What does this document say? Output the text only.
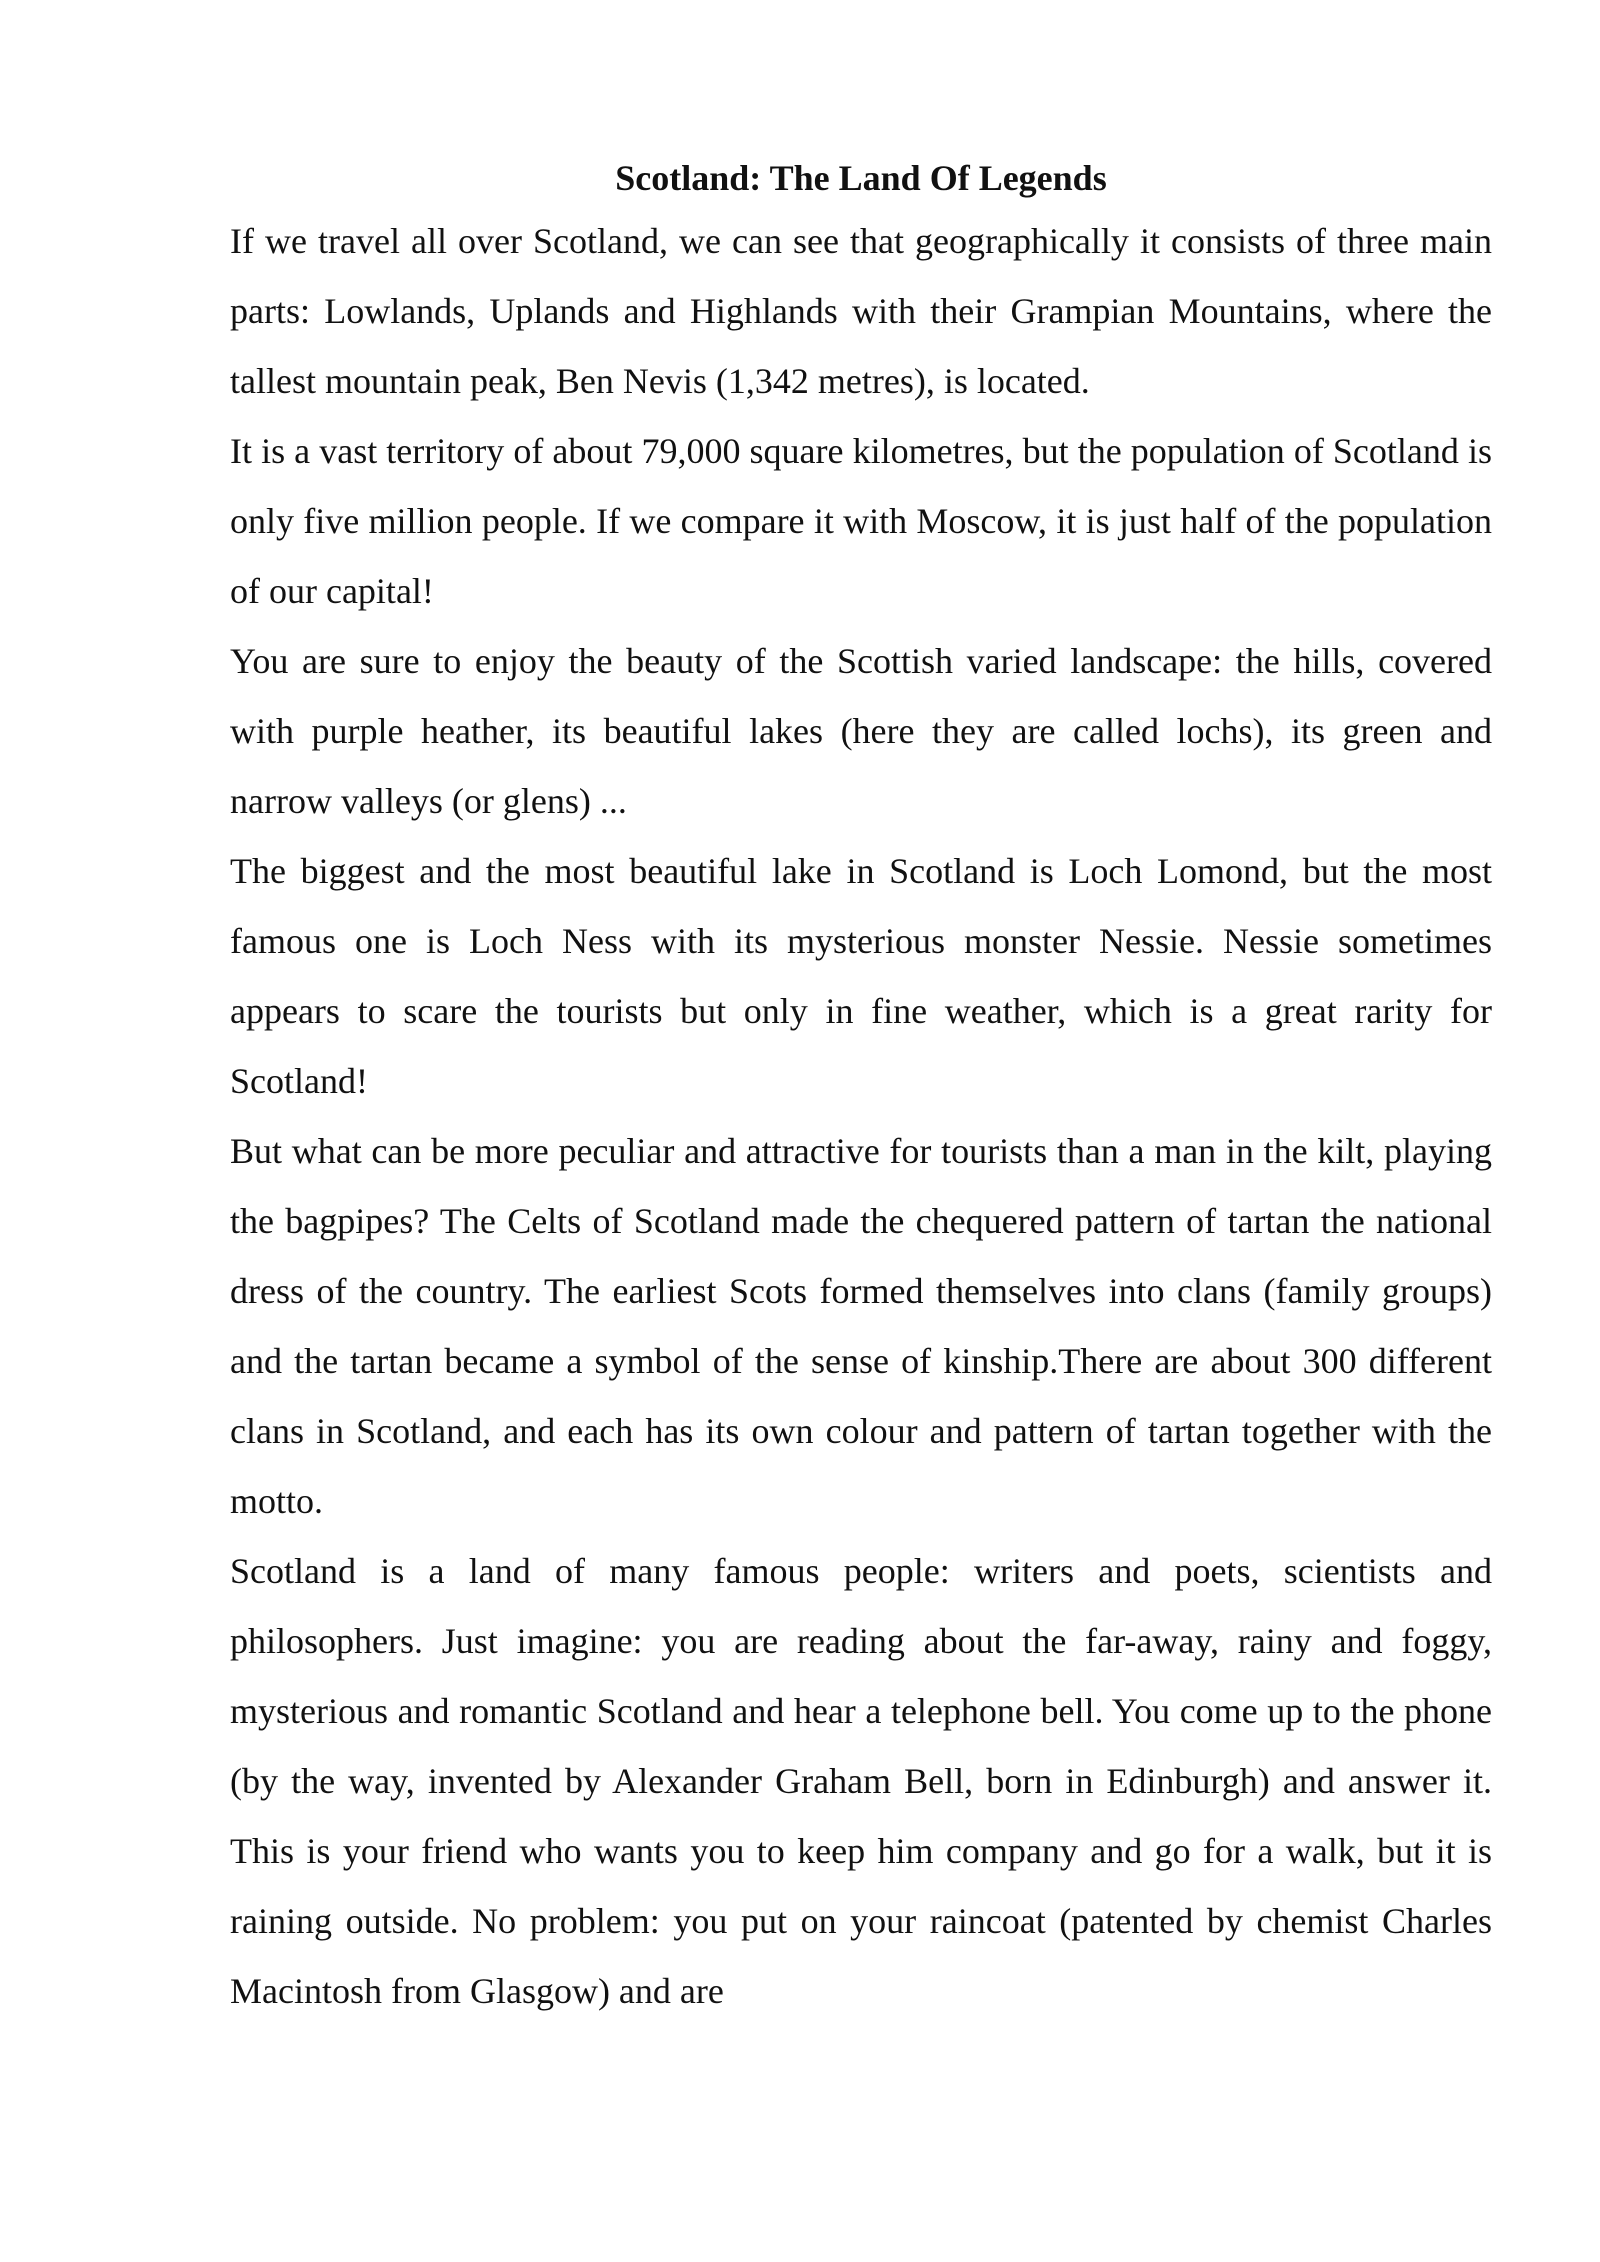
Scotland: The Land Of Legends

If we travel all over Scotland, we can see that geographically it consists of three main parts: Lowlands, Uplands and Highlands with their Grampian Mountains, where the tallest mountain peak, Ben Nevis (1,342 metres), is located.

It is a vast territory of about 79,000 square kilometres, but the population of Scotland is only five million people. If we compare it with Moscow, it is just half of the population of our capital!

You are sure to enjoy the beauty of the Scottish varied landscape: the hills, covered with purple heather, its beautiful lakes (here they are called lochs), its green and narrow valleys (or glens) ...

The biggest and the most beautiful lake in Scotland is Loch Lomond, but the most famous one is Loch Ness with its mysterious monster Nessie. Nessie sometimes appears to scare the tourists but only in fine weather, which is a great rarity for Scotland!

But what can be more peculiar and attractive for tourists than a man in the kilt, playing the bagpipes? The Celts of Scotland made the chequered pattern of tartan the national dress of the country. The earliest Scots formed themselves into clans (family groups) and the tartan became a symbol of the sense of kinship.There are about 300 different clans in Scotland, and each has its own colour and pattern of tartan together with the motto.

Scotland is a land of many famous people: writers and poets, scientists and philosophers. Just imagine: you are reading about the far-away, rainy and foggy, mysterious and romantic Scotland and hear a telephone bell. You come up to the phone (by the way, invented by Alexander Graham Bell, born in Edinburgh) and answer it. This is your friend who wants you to keep him company and go for a walk, but it is raining outside. No problem: you put on your raincoat (patented by chemist Charles Macintosh from Glasgow) and are
